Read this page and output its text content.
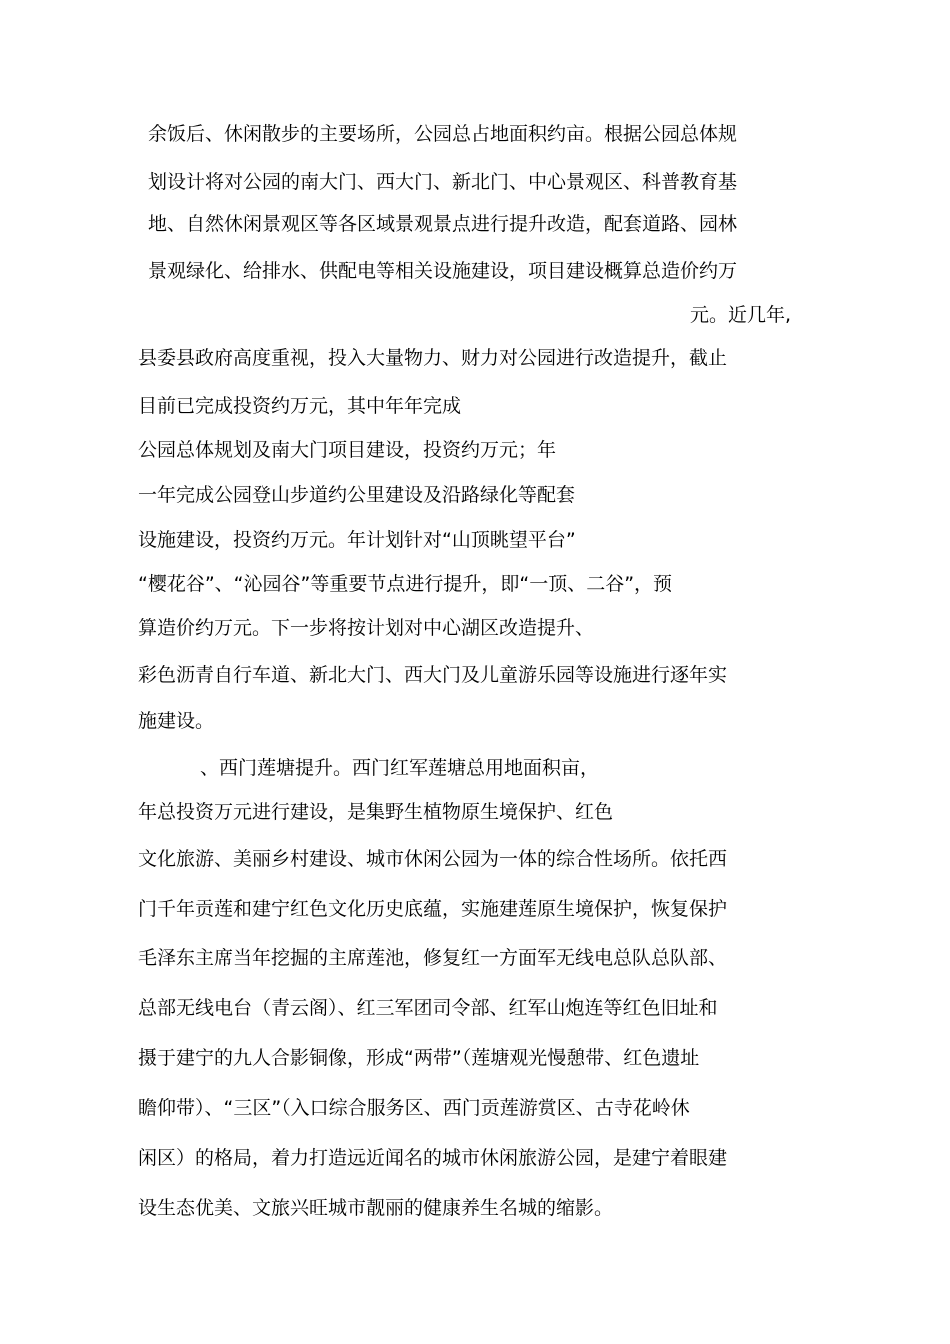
余饭后、休闲散步的主要场所，公园总占地面积约亩。根据公园总体规
划设计将对公园的南大门、西大门、新北门、中心景观区、科普教育基
地、自然休闲景观区等各区域景观景点进行提升改造，配套道路、园林
景观绿化、给排水、供配电等相关设施建设，项目建设概算总造价约万
元。近几年,
县委县政府高度重视，投入大量物力、财力对公园进行改造提升，截止
目前已完成投资约万元，其中年年完成
公园总体规划及南大门项目建设，投资约万元；年
一年完成公园登山步道约公里建设及沿路绿化等配套
设施建设，投资约万元。年计划针对“山顶眺望平台”
“樱花谷”、“沁园谷”等重要节点进行提升，即“一顶、二谷”，预
算造价约万元。下一步将按计划对中心湖区改造提升、
彩色沥青自行车道、新北大门、西大门及儿童游乐园等设施进行逐年实
施建设。
、西门莲塘提升。西门红军莲塘总用地面积亩，
年总投资万元进行建设，是集野生植物原生境保护、红色
文化旅游、美丽乡村建设、城市休闲公园为一体的综合性场所。依托西
门千年贡莲和建宁红色文化历史底蕴，实施建莲原生境保护，恢复保护
毛泽东主席当年挖掘的主席莲池，修复红一方面军无线电总队总队部、
总部无线电台（青云阁）、红三军团司令部、红军山炮连等红色旧址和
摄于建宁的九人合影铜像，形成“两带”（莲塘观光慢憩带、红色遗址
瞻仰带）、“三区”（入口综合服务区、西门贡莲游赏区、古寺花岭休
闲区）的格局，着力打造远近闻名的城市休闲旅游公园，是建宁着眼建
设生态优美、文旅兴旺城市靓丽的健康养生名城的缩影。
